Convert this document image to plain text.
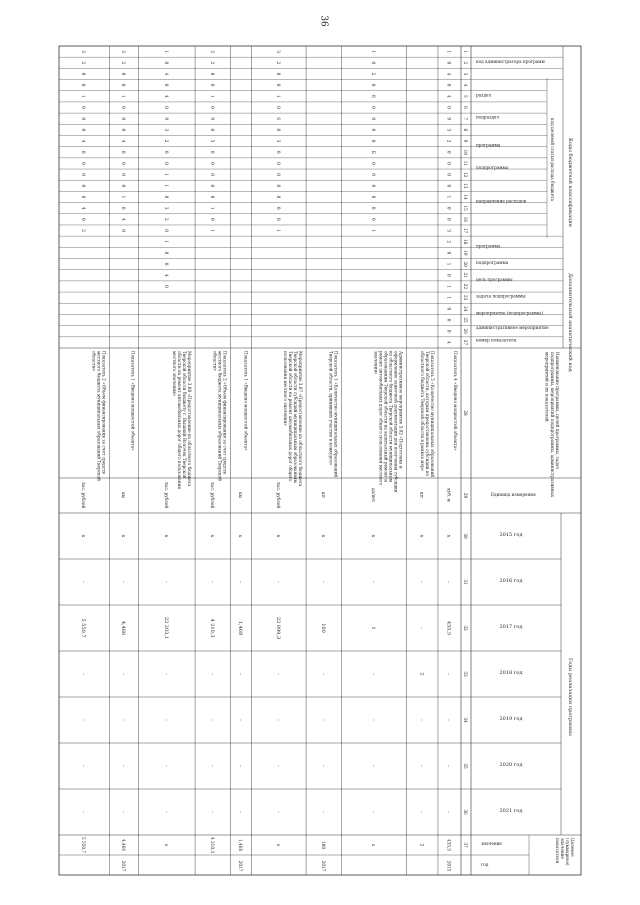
36
Коды бюджетной классификации
Дополнительный аналитический код
код целевой статьи расхода бюджета
код администратора программ
раздел
подраздел
программа
подпрограмма
направление расходов
программа
подпрограмма
цель программы
задача подпрограммы
мероприятие (подпрограммы)
административное мероприятие
номер показателя
Наименование программы, целей программы, задач
подпрограммы, мероприятий подпрограммы, административных
мероприятий и их показателей
Единица измерения
Годы реализации программы
2015 год
2016 год
2017 год
2018 год
2019 год
2020 год
2021 год
Целевое
(суммарное)
значение
показателя
значение
год
1
2
3
4
5
6
7
8
9
10
11
12
13
14
15
16
17
18
19
20
21
22
23
24
25
26
27
28
29
30
31
32
33
34
35
36
37
1
0
4
0
4
0
9
3
2
0
0
0
0
1
0
0
3
2
0
1
0
1
1
0
0
0
4
Показатель 4 «Введено мощностей объекта»
куб. м
х
-
435,5
-
-
-
-
435,5
2015
Показатель 5 «Количество муниципальных образований
Тверской области, которым предоставлены субсидии из
областного бюджета Тверской области в рамках мер»
шт
х
-
-
2
-
-
-
2
1
0
2
0
0
0
0
0
0
Б
0
0
0
0
0
0
1
Административное мероприятие 3.02 «Подготовка и
оформление заявочной документации для получения субсидии
из областного бюджета Тверской области муниципальным
образованиям Тверской области на капитальный ремонт и
ремонт автомобильных дорог общего пользования местного
значения»
да/нет
х
-
1
-
-
-
-
х
Показатель 1 «Количество муниципальных образований
Тверской области, принявших участие в конкурсе»
шт
х
-
100
-
-
-
-
100
2017
3
2
0
0
1
0
6
0
3
0
0
0
0
0
0
0
1
Мероприятие 3.07 «Предоставление из областного бюджета
Тверской области субсидий муниципальным образованиям
Тверской области на ремонт автомобильных дорог общего
пользования местного значения»
тыс. рублей
х
-
22 099,3
-
-
-
-
х
Показатель 1 «Введено мощностей объекта»
км
х
-
1,468
-
-
-
-
1,468
2017
3
2
0
0
1
0
9
0
3
0
0
0
0
0
1
0
1
Показатель 2 «Объем финансирования за счет средств
местного бюджета муниципальных образований Тверской
области»
тыс. рублей
х
-
4 210,3
-
-
-
-
4 210,3
1
0
4
0
4
0
9
3
2
0
0
1
1
0
3
2
0
1
0
0
4
0
Мероприятие 3.08 «Предоставление из областного бюджета
Тверской области бюджету г. Вышний Волочек Тверской
области на ремонт автомобильных дорог общего пользования
местного значения»
тыс. рублей
х
-
22 203,1
-
-
-
-
х
3
2
0
0
1
0
0
0
4
0
0
0
0
1
0
4
0
Показатель 1 «Введено мощностей объекта»
км
х
-
4,466
-
-
-
-
4,466
2017
3
2
0
0
1
0
0
0
4
0
0
0
0
0
4
0
2
Показатель 2 «Объем финансирования за счет средств
местного бюджета муниципальных образований Тверской
области»
тыс. рублей
х
-
5 550,7
-
-
-
-
5 550,7
